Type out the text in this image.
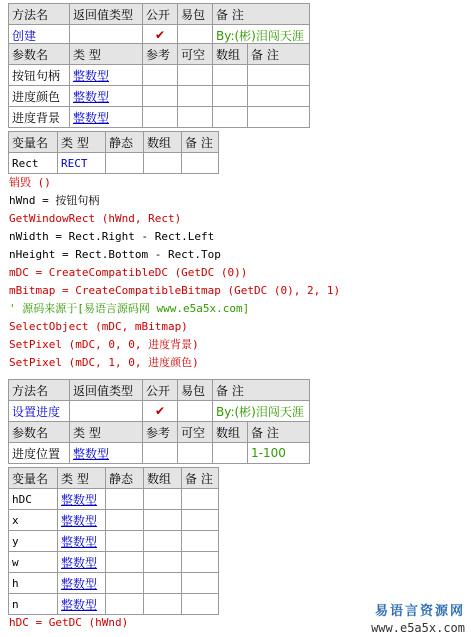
方法名	返回值类型	公开	易包	备 注
创建		✔		By:(彬)泪闯天涯
参数名	类 型	参考	可空	数组	备 注
按钮句柄	整数型				
进度颜色	整数型				
进度背景	整数型				
变量名	类 型	静态	数组	备 注
Rect	RECT			
销毁 ()
hWnd = 按钮句柄
GetWindowRect (hWnd, Rect)
nWidth = Rect.Right - Rect.Left
nHeight = Rect.Bottom - Rect.Top
mDC = CreateCompatibleDC (GetDC (0))
mBitmap = CreateCompatibleBitmap (GetDC (0), 2, 1)
' 源码来源于[易语言源码网 www.e5a5x.com]
SelectObject (mDC, mBitmap)
SetPixel (mDC, 0, 0, 进度背景)
SetPixel (mDC, 1, 0, 进度颜色)
方法名	返回值类型	公开	易包	备 注
设置进度		✔		By:(彬)泪闯天涯
参数名	类 型	参考	可空	数组	备 注
进度位置	整数型				1-100
变量名	类 型	静态	数组	备 注
hDC	整数型			
x	整数型			
y	整数型			
w	整数型			
h	整数型			
n	整数型			
hDC = GetDC (hWnd)
易语言资源网
www.e5a5x.com
